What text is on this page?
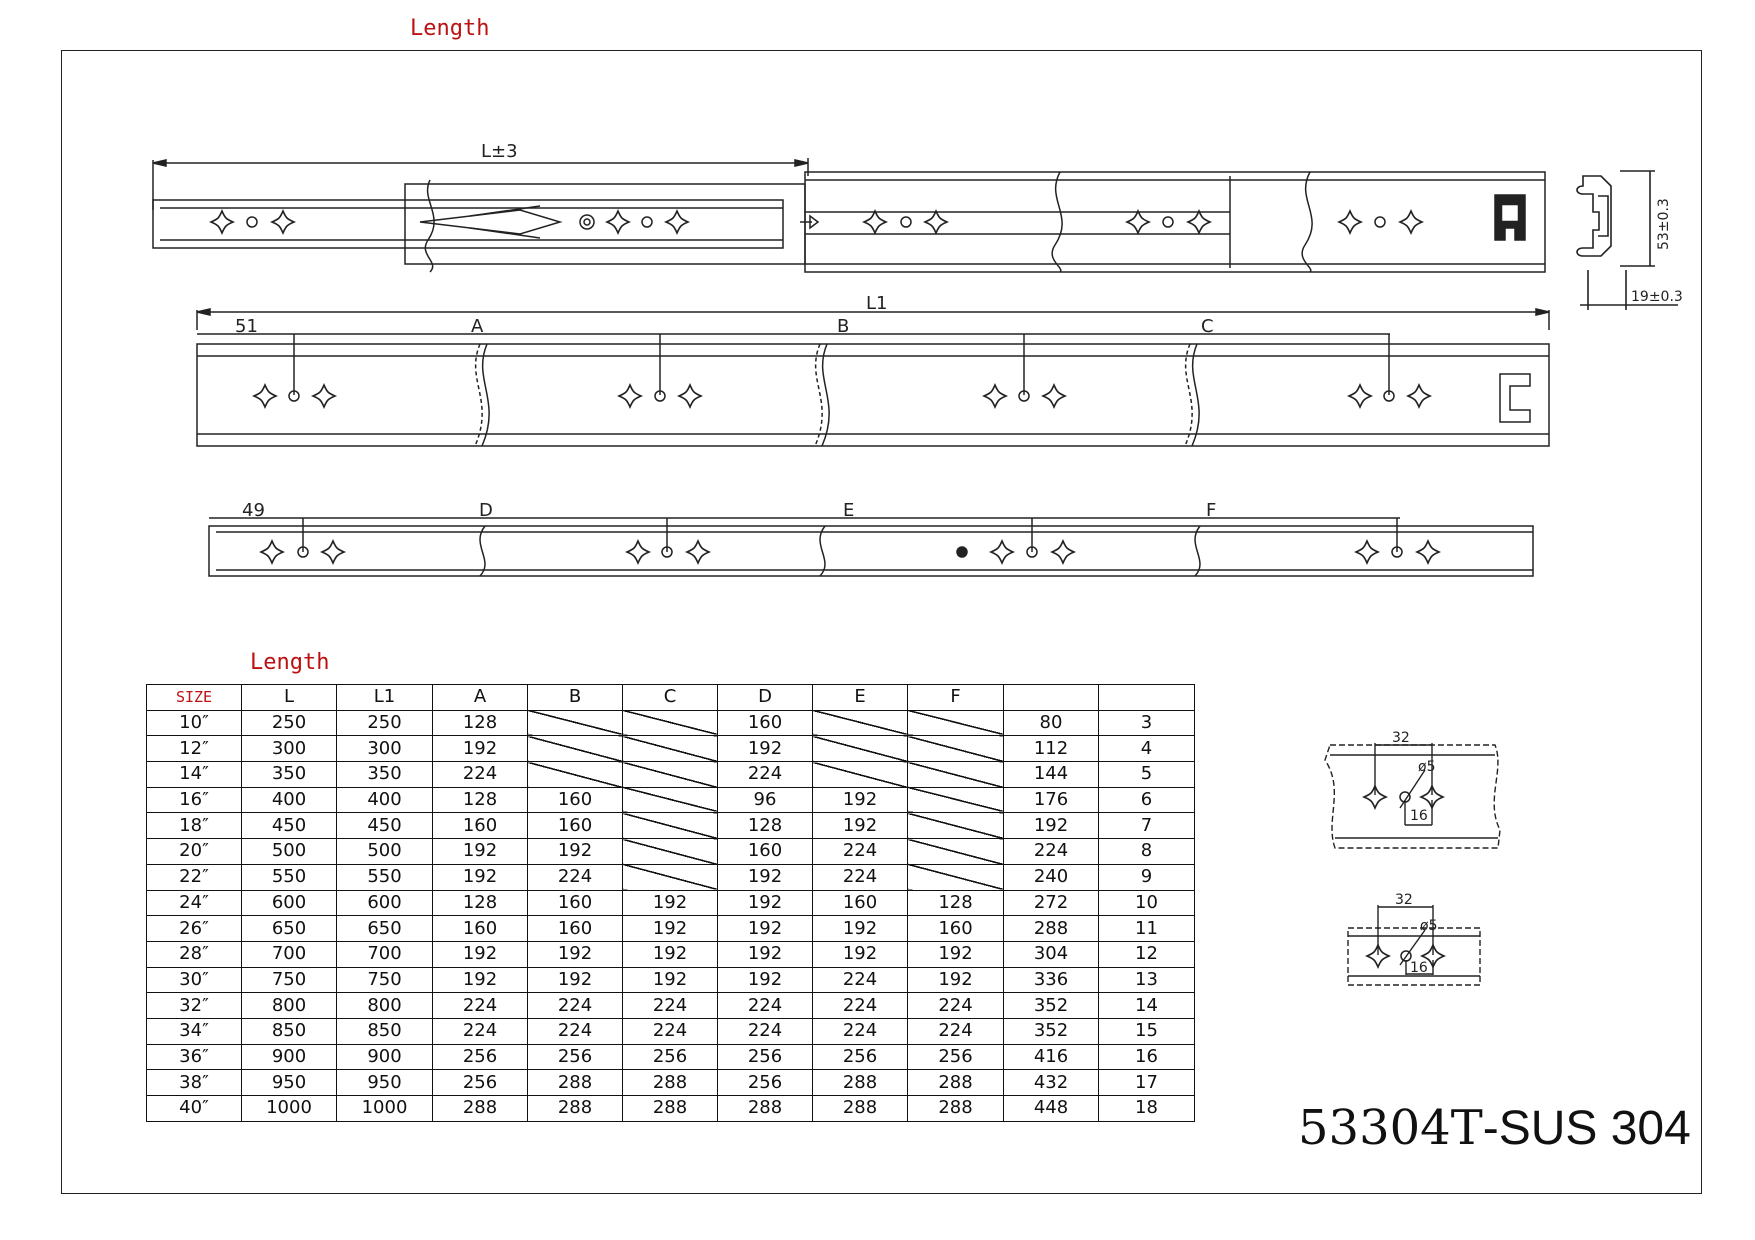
Length
L±3
53±0.3
19±0.3
L1
51	A	B	C
49	D	E	F
32
ø5
16
32
ø5
16
Length
SIZE	L	L1	A	B	C	D	E	F		
10″	250	250	128			160			80	3
12″	300	300	192			192			112	4
14″	350	350	224			224			144	5
16″	400	400	128	160		96	192		176	6
18″	450	450	160	160		128	192		192	7
20″	500	500	192	192		160	224		224	8
22″	550	550	192	224		192	224		240	9
24″	600	600	128	160	192	192	160	128	272	10
26″	650	650	160	160	192	192	192	160	288	11
28″	700	700	192	192	192	192	192	192	304	12
30″	750	750	192	192	192	192	224	192	336	13
32″	800	800	224	224	224	224	224	224	352	14
34″	850	850	224	224	224	224	224	224	352	15
36″	900	900	256	256	256	256	256	256	416	16
38″	950	950	256	288	288	256	288	288	432	17
40″	1000	1000	288	288	288	288	288	288	448	18	53304T-SUS 304
